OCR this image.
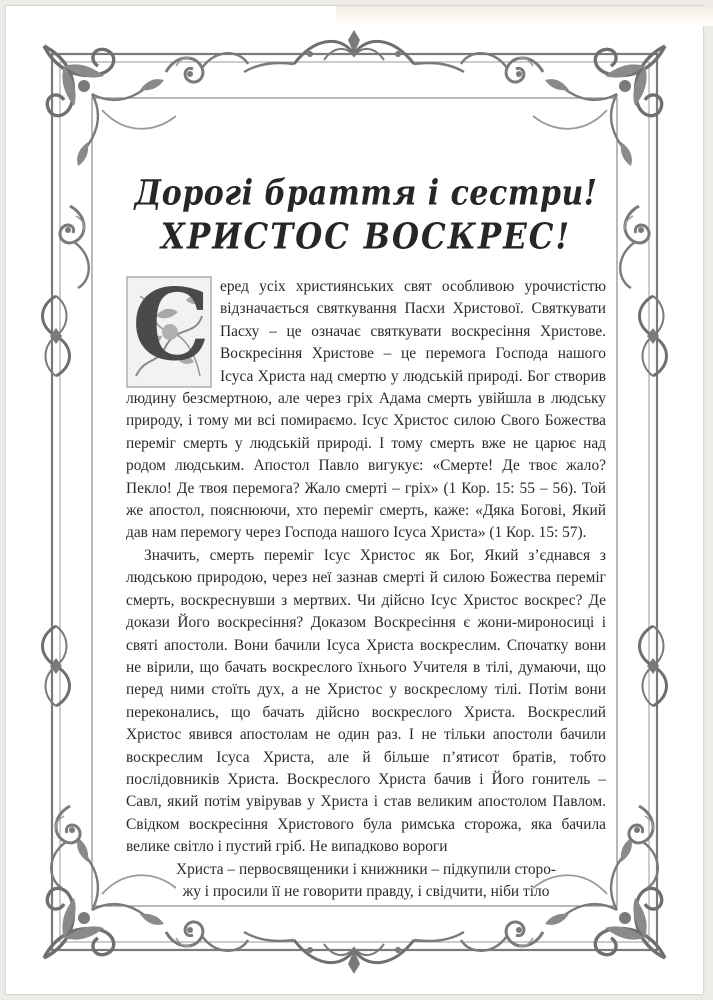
Дорогі браття і сестри!
ХРИСТОС ВОСКРЕС!

С еред усіх християнських свят особливою урочистістю відзначається святкування Пасхи Христової. Святкувати Пасху – це означає святкувати воскресіння Христове. Воскресіння Христове – це перемога Господа нашого Ісуса Христа над смертю у людській природі. Бог створив людину безсмертною, але через гріх Адама смерть увійшла в людську природу, і тому ми всі помираємо. Ісус Христос силою Свого Божества переміг смерть у людській природі. І тому смерть вже не царює над родом людським. Апостол Павло вигукує: «Смерте! Де твоє жало? Пекло! Де твоя перемога? Жало смерті – гріх» (1 Кор. 15: 55 – 56). Той же апостол, пояснюючи, хто переміг смерть, каже: «Дяка Богові, Який дав нам перемогу через Господа нашого Ісуса Христа» (1 Кор. 15: 57).

Значить, смерть переміг Ісус Христос як Бог, Який з’єднався з людською природою, через неї зазнав смерті й силою Божества переміг смерть, воскреснувши з мертвих. Чи дійсно Ісус Христос воскрес? Де докази Його воскресіння? Доказом Воскресіння є жони-мироносиці і святі апостоли. Вони бачили Ісуса Христа воскреслим. Спочатку вони не вірили, що бачать воскреслого їхнього Учителя в тілі, думаючи, що перед ними стоїть дух, а не Христос у воскреслому тілі. Потім вони переконались, що бачать дійсно воскреслого Христа. Воскреслий Христос явився апостолам не один раз. І не тільки апостоли бачили воскреслим Ісуса Христа, але й більше п’ятисот братів, тобто послідовників Христа. Воскреслого Христа бачив і Його гонитель – Савл, який потім увірував у Христа і став великим апостолом Павлом. Свідком воскресіння Христового була римська сторожа, яка бачила велике світло і пустий гріб. Не випадково вороги

Христа – первосвященики і книжники – підкупили сторо-
жу і просили її не говорити правду, і свідчити, ніби тіло
